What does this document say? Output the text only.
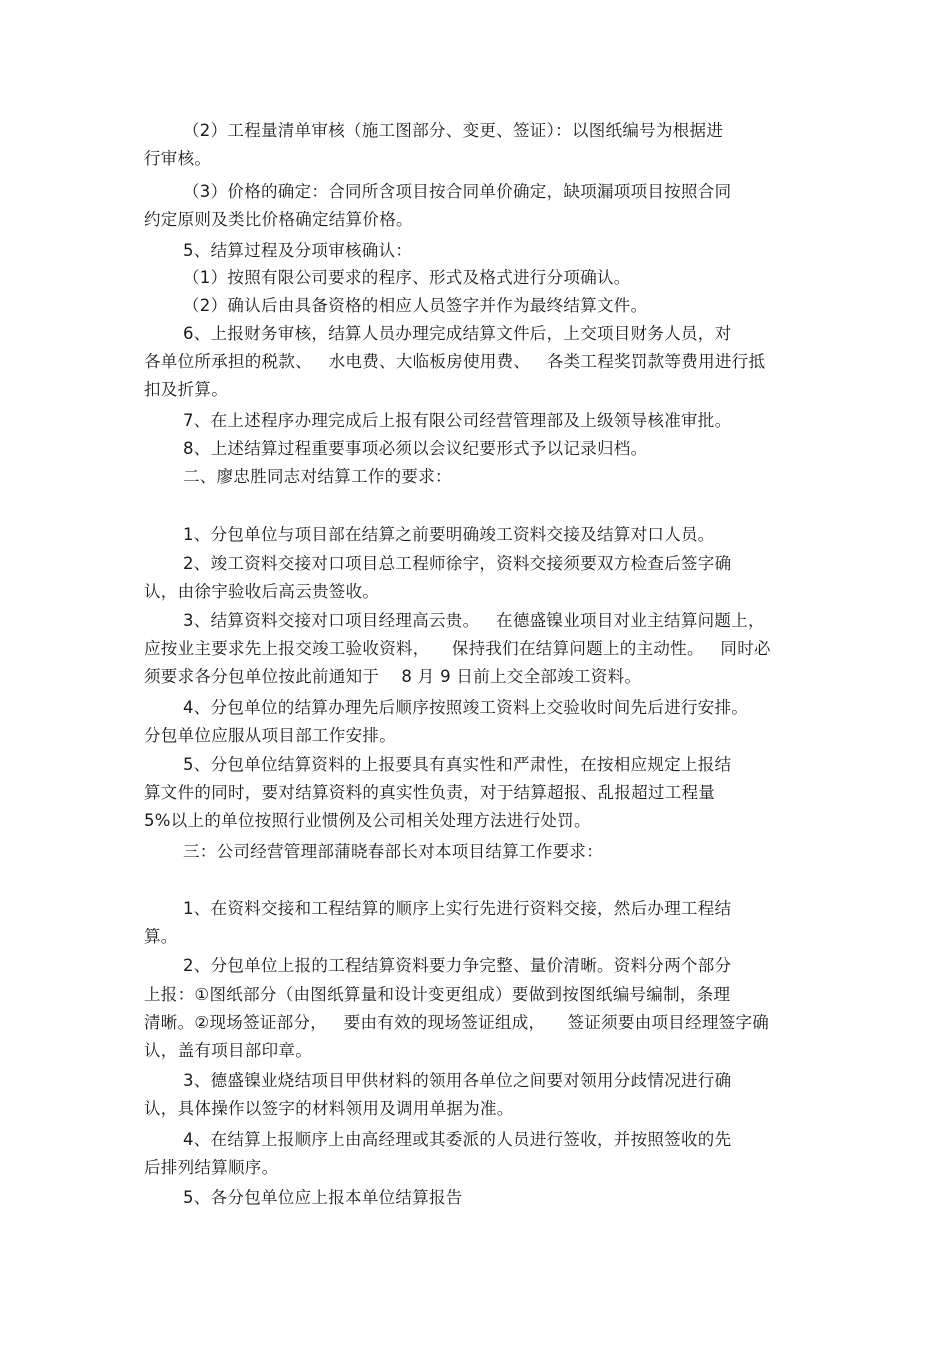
（2）工程量清单审核（施工图部分、变更、签证）：以图纸编号为根据进
行审核。
（3）价格的确定：合同所含项目按合同单价确定，缺项漏项项目按照合同
约定原则及类比价格确定结算价格。
5、结算过程及分项审核确认：
（1）按照有限公司要求的程序、形式及格式进行分项确认。
（2）确认后由具备资格的相应人员签字并作为最终结算文件。
6、上报财务审核，结算人员办理完成结算文件后，上交项目财务人员，对
各单位所承担的税款、   水电费、大临板房使用费、   各类工程奖罚款等费用进行抵
扣及折算。
7、在上述程序办理完成后上报有限公司经营管理部及上级领导核准审批。
8、上述结算过程重要事项必须以会议纪要形式予以记录归档。
二、廖忠胜同志对结算工作的要求：
1、分包单位与项目部在结算之前要明确竣工资料交接及结算对口人员。
2、竣工资料交接对口项目总工程师徐宇，资料交接须要双方检查后签字确
认，由徐宇验收后高云贵签收。
3、结算资料交接对口项目经理高云贵。   在德盛镍业项目对业主结算问题上，
应按业主要求先上报交竣工验收资料，    保持我们在结算问题上的主动性。   同时必
须要求各分包单位按此前通知于    8 月 9 日前上交全部竣工资料。
4、分包单位的结算办理先后顺序按照竣工资料上交验收时间先后进行安排。
分包单位应服从项目部工作安排。
5、分包单位结算资料的上报要具有真实性和严肃性，在按相应规定上报结
算文件的同时，要对结算资料的真实性负责，对于结算超报、乱报超过工程量
5%以上的单位按照行业惯例及公司相关处理方法进行处罚。
三：公司经营管理部蒲晓春部长对本项目结算工作要求：
1、在资料交接和工程结算的顺序上实行先进行资料交接，然后办理工程结
算。
2、分包单位上报的工程结算资料要力争完整、量价清晰。资料分两个部分
上报：①图纸部分（由图纸算量和设计变更组成）要做到按图纸编号编制，条理
清晰。②现场签证部分，   要由有效的现场签证组成，    签证须要由项目经理签字确
认，盖有项目部印章。
3、德盛镍业烧结项目甲供材料的领用各单位之间要对领用分歧情况进行确
认，具体操作以签字的材料领用及调用单据为准。
4、在结算上报顺序上由高经理或其委派的人员进行签收，并按照签收的先
后排列结算顺序。
5、各分包单位应上报本单位结算报告
